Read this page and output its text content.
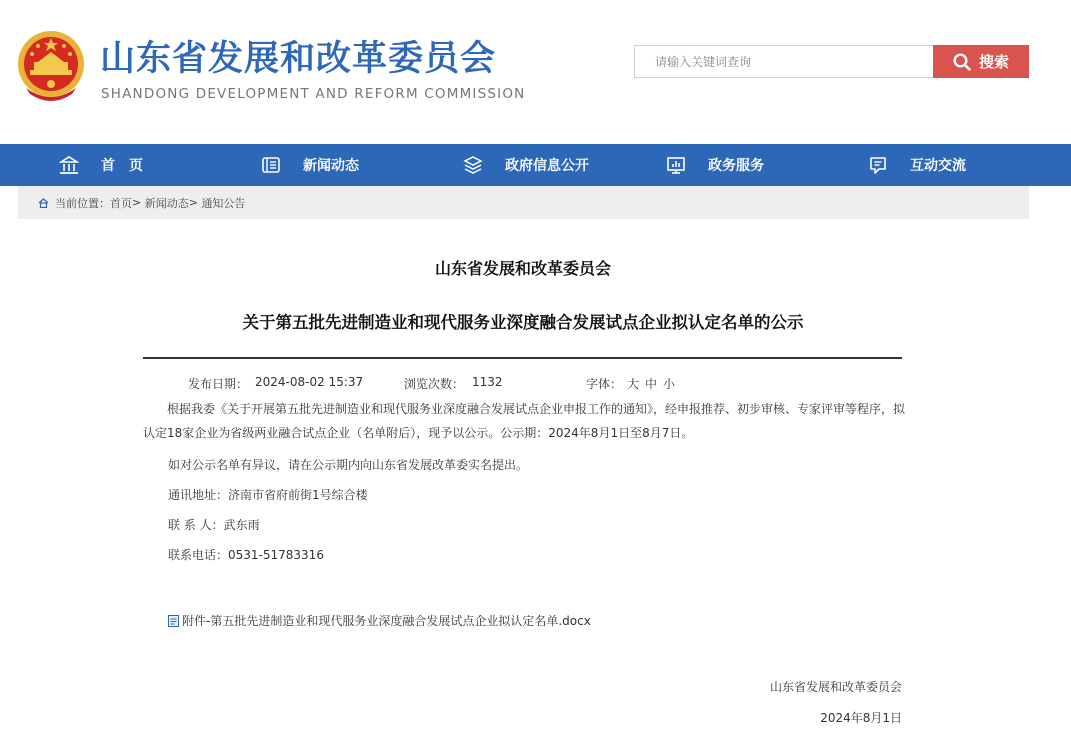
山东省发展和改革委员会
SHANDONG DEVELOPMENT AND REFORM COMMISSION
请输入关键词查询
搜索
首　页	新闻动态	政府信息公开	政务服务	互动交流
当前位置： 首页 >
新闻动态 >
通知公告
山东省发展和改革委员会
关于第五批先进制造业和现代服务业深度融合发展试点企业拟认定名单的公示
发布日期： 2024-08-02 15:37	浏览次数： 1132	字体： 大 中 小
根据我委《关于开展第五批先进制造业和现代服务业深度融合发展试点企业申报工作的通知》，经申报推荐、初步审核、专家评审等程序，拟认定18家企业为省级两业融合试点企业（名单附后），现予以公示。公示期：2024年8月1日至8月7日。
如对公示名单有异议，请在公示期内向山东省发展改革委实名提出。
通讯地址：济南市省府前街1号综合楼
联 系 人：武东雨
联系电话：0531-51783316
附件-第五批先进制造业和现代服务业深度融合发展试点企业拟认定名单.docx
山东省发展和改革委员会
2024年8月1日
